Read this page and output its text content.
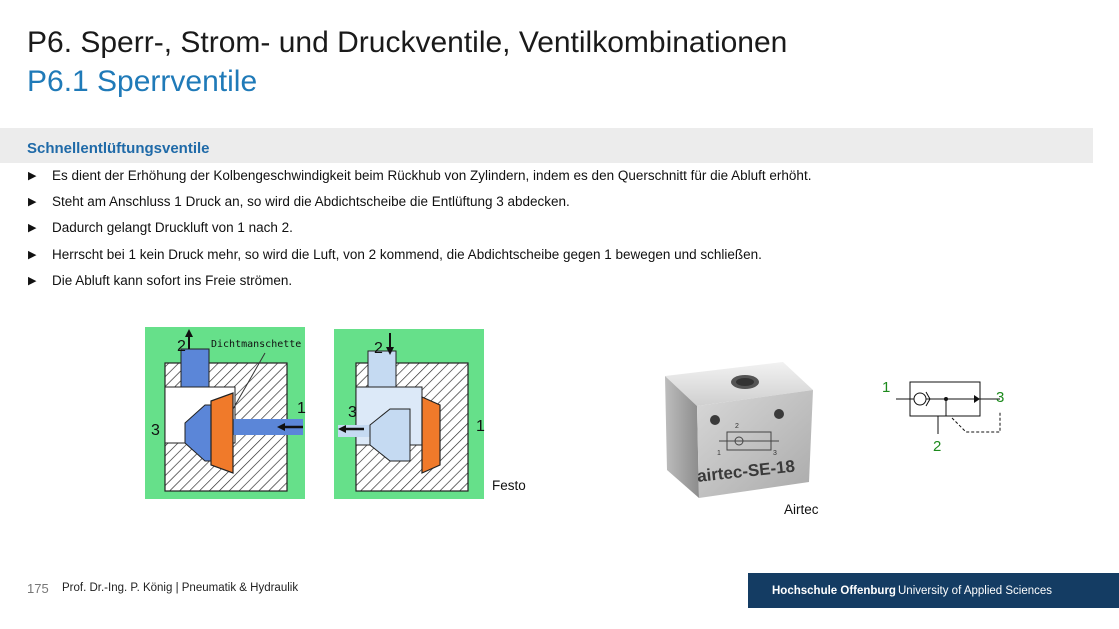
P6. Sperr-, Strom- und Druckventile, Ventilkombinationen
P6.1 Sperrventile
Schnellentlüftungsventile
▶ Es dient der Erhöhung der Kolbengeschwindigkeit beim Rückhub von Zylindern, indem es den Querschnitt für die Abluft erhöht.
▶ Steht am Anschluss 1 Druck an, so wird die Abdichtscheibe die Entlüftung 3 abdecken.
▶ Dadurch gelangt Druckluft von 1 nach 2.
▶ Herrscht bei 1 kein Druck mehr, so wird die Luft, von 2 kommend, die Abdichtscheibe gegen 1 bewegen und schließen.
▶ Die Abluft kann sofort ins Freie strömen.
Dichtmanschette
2
1
3
2
1
3
Festo
2
1	3
airtec-SE-18
Airtec
1
3
2
175 Prof. Dr.-Ing. P. König | Pneumatik & Hydraulik	Hochschule Offenburg University of Applied Sciences
